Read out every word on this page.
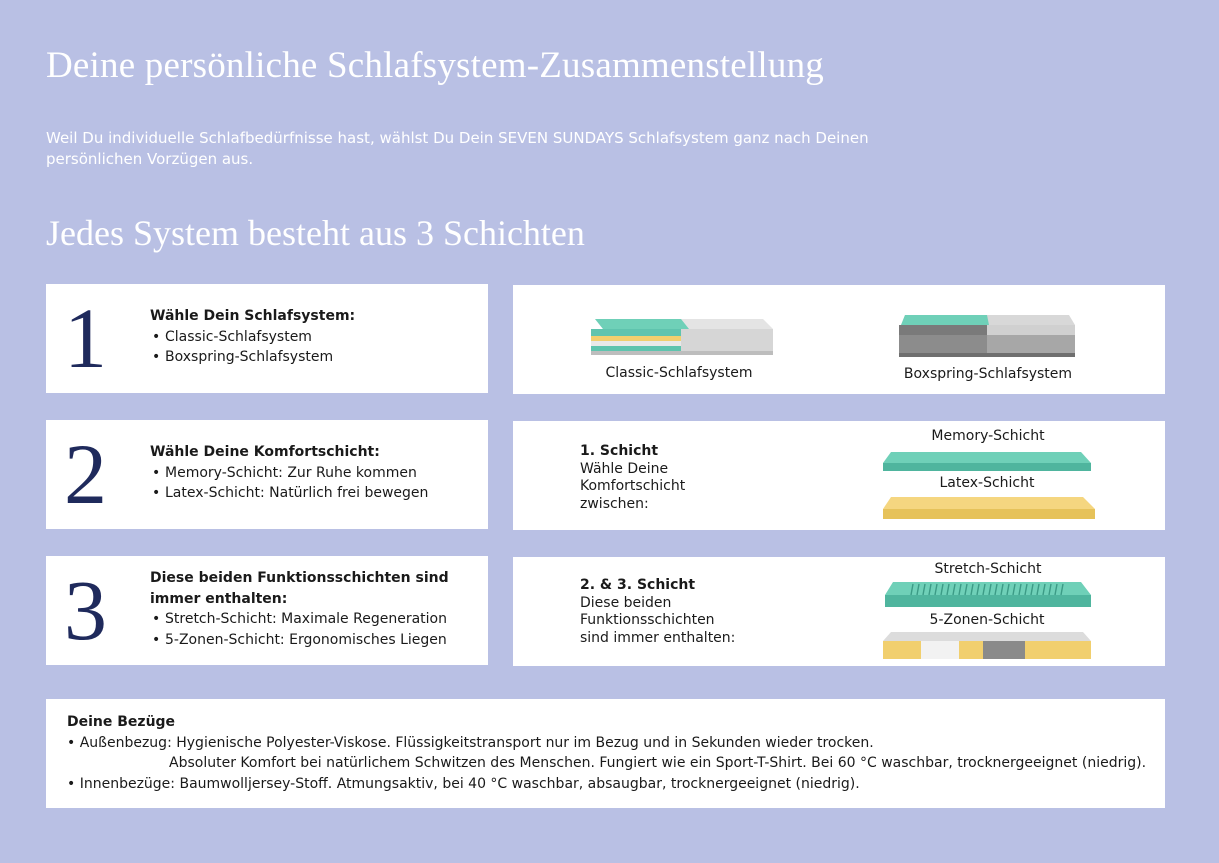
Deine persönliche Schlafsystem-Zusammenstellung

Weil Du individuelle Schlafbedürfnisse hast, wählst Du Dein SEVEN SUNDAYS Schlafsystem ganz nach Deinen persönlichen Vorzügen aus.

Jedes System besteht aus 3 Schichten
1	Wähle Dein Schlafsystem:
• Classic-Schlafsystem
• Boxspring-Schlafsystem
Classic-Schlafsystem	Boxspring-Schlafsystem
2	Wähle Deine Komfortschicht:
• Memory-Schicht: Zur Ruhe kommen
• Latex-Schicht: Natürlich frei bewegen
1. Schicht
Wähle Deine
Komfortschicht
zwischen:
Memory-Schicht
Latex-Schicht
3	Diese beiden Funktionsschichten sind
immer enthalten:
• Stretch-Schicht: Maximale Regeneration
• 5-Zonen-Schicht: Ergonomisches Liegen
2. & 3. Schicht
Diese beiden
Funktionsschichten
sind immer enthalten:
Stretch-Schicht
5-Zonen-Schicht
Deine Bezüge
• Außenbezug: Hygienische Polyester-Viskose. Flüssigkeitstransport nur im Bezug und in Sekunden wieder trocken.
Absoluter Komfort bei natürlichem Schwitzen des Menschen. Fungiert wie ein Sport-T-Shirt. Bei 60 °C waschbar, trocknergeeignet (niedrig).
• Innenbezüge: Baumwolljersey-Stoff. Atmungsaktiv, bei 40 °C waschbar, absaugbar, trocknergeeignet (niedrig).
